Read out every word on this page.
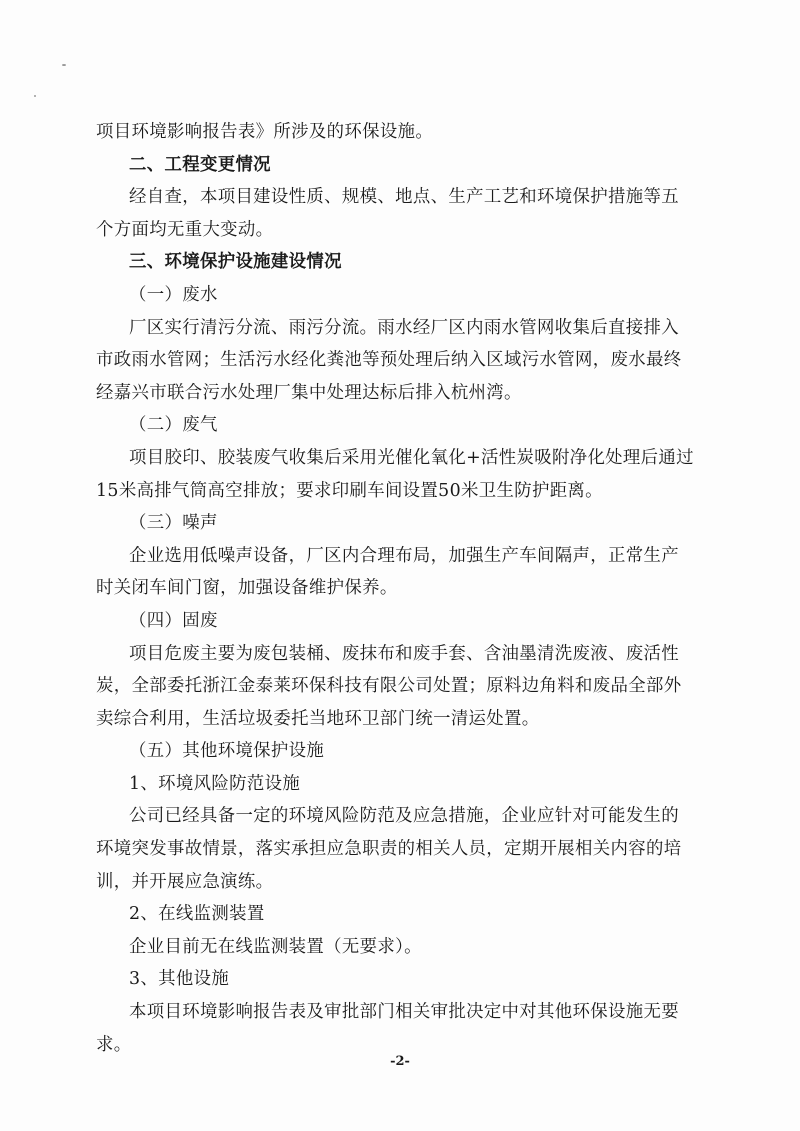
项目环境影响报告表》所涉及的环保设施。
二、工程变更情况
经自查，本项目建设性质、规模、地点、生产工艺和环境保护措施等五
个方面均无重大变动。
三、环境保护设施建设情况
（一）废水
厂区实行清污分流、雨污分流。雨水经厂区内雨水管网收集后直接排入
市政雨水管网；生活污水经化粪池等预处理后纳入区域污水管网，废水最终
经嘉兴市联合污水处理厂集中处理达标后排入杭州湾。
（二）废气
项目胶印、胶装废气收集后采用光催化氧化+活性炭吸附净化处理后通过
15米高排气筒高空排放；要求印刷车间设置50米卫生防护距离。
（三）噪声
企业选用低噪声设备，厂区内合理布局，加强生产车间隔声，正常生产
时关闭车间门窗，加强设备维护保养。
（四）固废
项目危废主要为废包装桶、废抹布和废手套、含油墨清洗废液、废活性
炭，全部委托浙江金泰莱环保科技有限公司处置；原料边角料和废品全部外
卖综合利用，生活垃圾委托当地环卫部门统一清运处置。
（五）其他环境保护设施
1、环境风险防范设施
公司已经具备一定的环境风险防范及应急措施，企业应针对可能发生的
环境突发事故情景，落实承担应急职责的相关人员，定期开展相关内容的培
训，并开展应急演练。
2、在线监测装置
企业目前无在线监测装置（无要求）。
3、其他设施
本项目环境影响报告表及审批部门相关审批决定中对其他环保设施无要
求。
-2-
